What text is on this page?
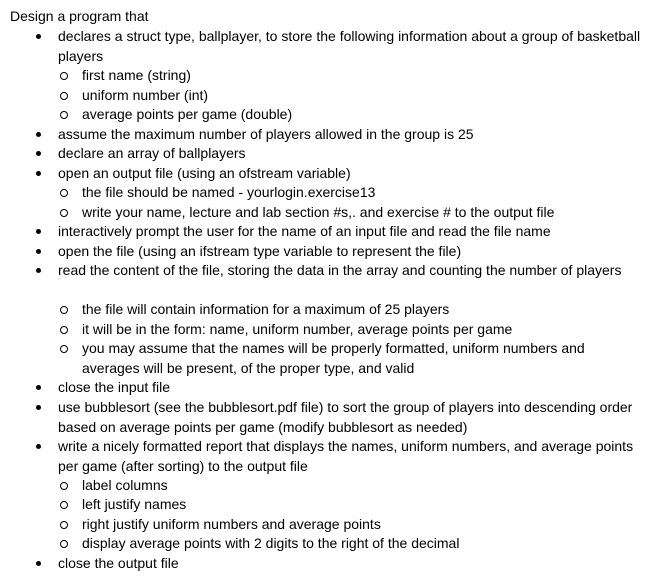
Design a program that
declares a struct type, ballplayer, to store the following information about a group of basketball players
first name (string)
uniform number (int)
average points per game (double)
assume the maximum number of players allowed in the group is 25
declare an array of ballplayers
open an output file (using an ofstream variable)
the file should be named - yourlogin.exercise13
write your name, lecture and lab section #s,. and exercise # to the output file
interactively prompt the user for the name of an input file and read the file name
open the file (using an ifstream type variable to represent the file)
read the content of the file, storing the data in the array and counting the number of players
the file will contain information for a maximum of 25 players
it will be in the form: name, uniform number, average points per game
you may assume that the names will be properly formatted, uniform numbers and averages will be present, of the proper type, and valid
close the input file
use bubblesort (see the bubblesort.pdf file) to sort the group of players into descending order based on average points per game (modify bubblesort as needed)
write a nicely formatted report that displays the names, uniform numbers, and average points per game (after sorting) to the output file
label columns
left justify names
right justify uniform numbers and average points
display average points with 2 digits to the right of the decimal
close the output file
